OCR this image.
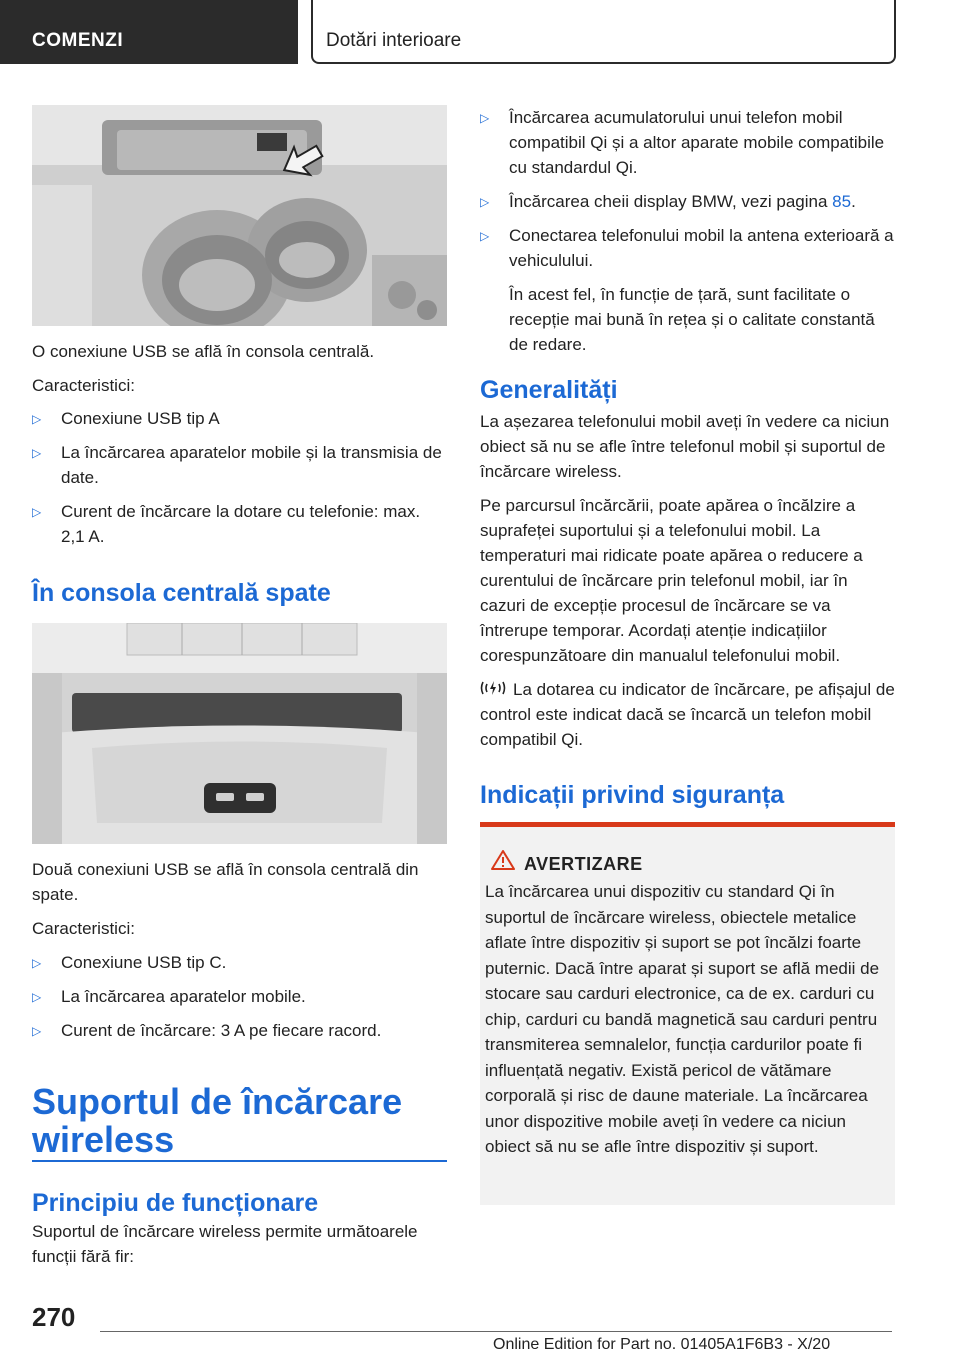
COMENZI	Dotări interioare

O conexiune USB se află în consola centrală.

Caracteristici:

▷ Conexiune USB tip A
▷ La încărcarea aparatelor mobile și la transmisia de date.
▷ Curent de încărcare la dotare cu telefonie: max. 2,1 A.

În consola centrală spate

Două conexiuni USB se află în consola centrală din spate.

Caracteristici:

▷ Conexiune USB tip C.
▷ La încărcarea aparatelor mobile.
▷ Curent de încărcare: 3 A pe fiecare racord.

Suportul de încărcare wireless

Principiu de funcționare

Suportul de încărcare wireless permite următoarele funcții fără fir:

▷ Încărcarea acumulatorului unui telefon mobil compatibil Qi și a altor aparate mobile compatibile cu standardul Qi.
▷ Încărcarea cheii display BMW, vezi pagina 85.
▷ Conectarea telefonului mobil la antena exterioară a vehiculului.

În acest fel, în funcție de țară, sunt facilitate o recepție mai bună în rețea și o calitate constantă de redare.

Generalități

La așezarea telefonului mobil aveți în vedere ca niciun obiect să nu se afle între telefonul mobil și suportul de încărcare wireless.

Pe parcursul încărcării, poate apărea o încălzire a suprafeței suportului și a telefonului mobil. La temperaturi mai ridicate poate apărea o reducere a curentului de încărcare prin telefonul mobil, iar în cazuri de excepție procesul de încărcare se va întrerupe temporar. Acordați atenție indicațiilor corespunzătoare din manualul telefonului mobil.

La dotarea cu indicator de încărcare, pe afișajul de control este indicat dacă se încarcă un telefon mobil compatibil Qi.

Indicații privind siguranța

AVERTIZARE
La încărcarea unui dispozitiv cu standard Qi în suportul de încărcare wireless, obiectele metalice aflate între dispozitiv și suport se pot încălzi foarte puternic. Dacă între aparat și suport se află medii de stocare sau carduri electronice, ca de ex. carduri cu chip, carduri cu bandă magnetică sau carduri pentru transmiterea semnalelor, funcția cardurilor poate fi influențată negativ. Există pericol de vătămare corporală și risc de daune materiale. La încărcarea unor dispozitive mobile aveți în vedere ca niciun obiect să nu se afle între dispozitiv și suport.
270
Online Edition for Part no. 01405A1F6B3 - X/20
